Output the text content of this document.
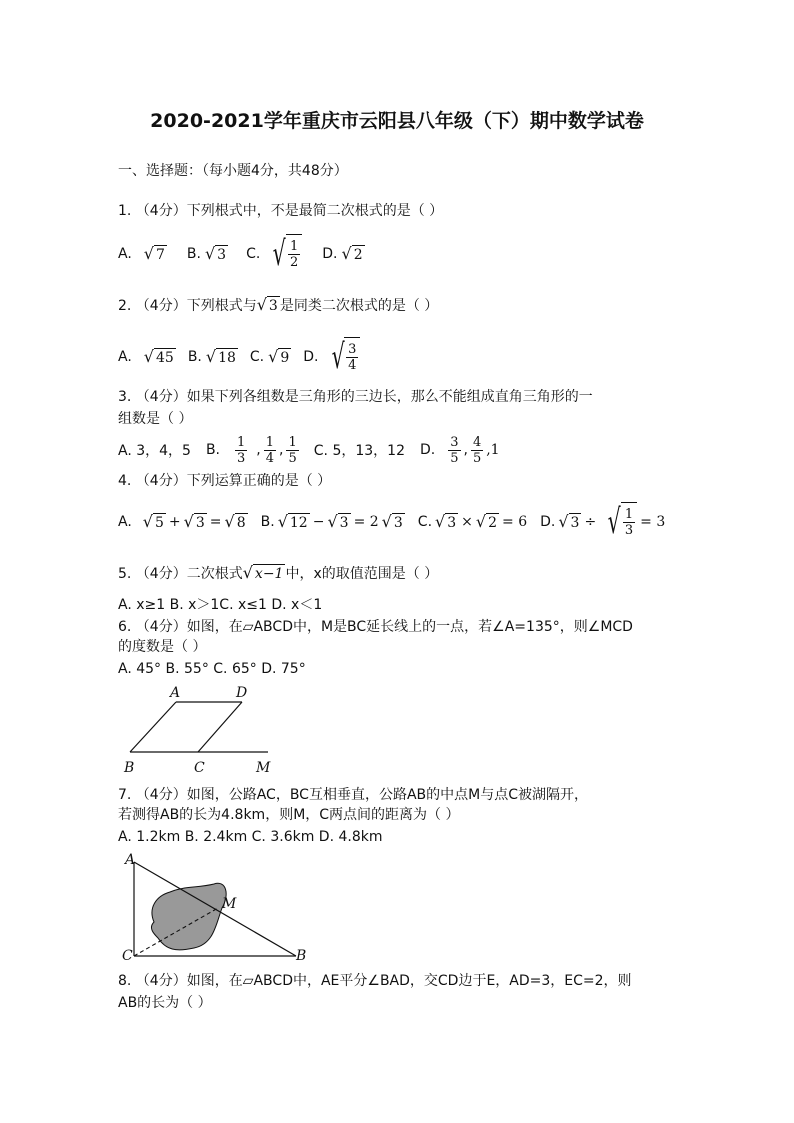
2020-2021学年重庆市云阳县八年级（下）期中数学试卷
一、选择题：（每小题4分，共48分）
1. （4分）下列根式中，不是最简二次根式的是（ ）
A. √ 7 B. √ 3 C. √ $\frac{1}{2} D$. √ 2
2. （4分）下列根式与 √ 3 是同类二次根式的是（ ）
A. √ 45 B. √ 18 C. √ 9 D. √ $\frac{3}{4}$
3. （4分）如果下列各组数是三角形的三边长，那么不能组成直角三角形的一
组数是（ ）
A. 3，4，5 B. $\frac{1}{3}$ , $\frac{1}{4}$ , $\frac{1}{5} C$. 5，13，12 D. $\frac{3}{5}$ , $\frac{4}{5} ,1$
4. （4分）下列运算正确的是（ ）
A. √ 5 + √ 3 = √ 8 B. √ 12 − √ 3 = 2 √ 3 C. √ 3 × √ 2 = 6 D. √ 3 ÷ √ $\frac{1}{3} = 3$
5. （4分）二次根式 √ x−1 中，x的取值范围是（ ）
A. x≥1 B. x＞1C. x≤1 D. x＜1
6. （4分）如图，在▱ABCD中，M是BC延长线上的一点，若∠A=135°，则∠MCD
的度数是（ ）
A. 45° B. 55° C. 65° D. 75°
A	D
B	C	M
7. （4分）如图，公路AC，BC互相垂直，公路AB的中点M与点C被湖隔开，
若测得AB的长为4.8km，则M，C两点间的距离为（ ）
A. 1.2km B. 2.4km C. 3.6km D. 4.8km
A
M
C	B
8. （4分）如图，在▱ABCD中，AE平分∠BAD，交CD边于E，AD=3，EC=2，则
AB的长为（ ）
